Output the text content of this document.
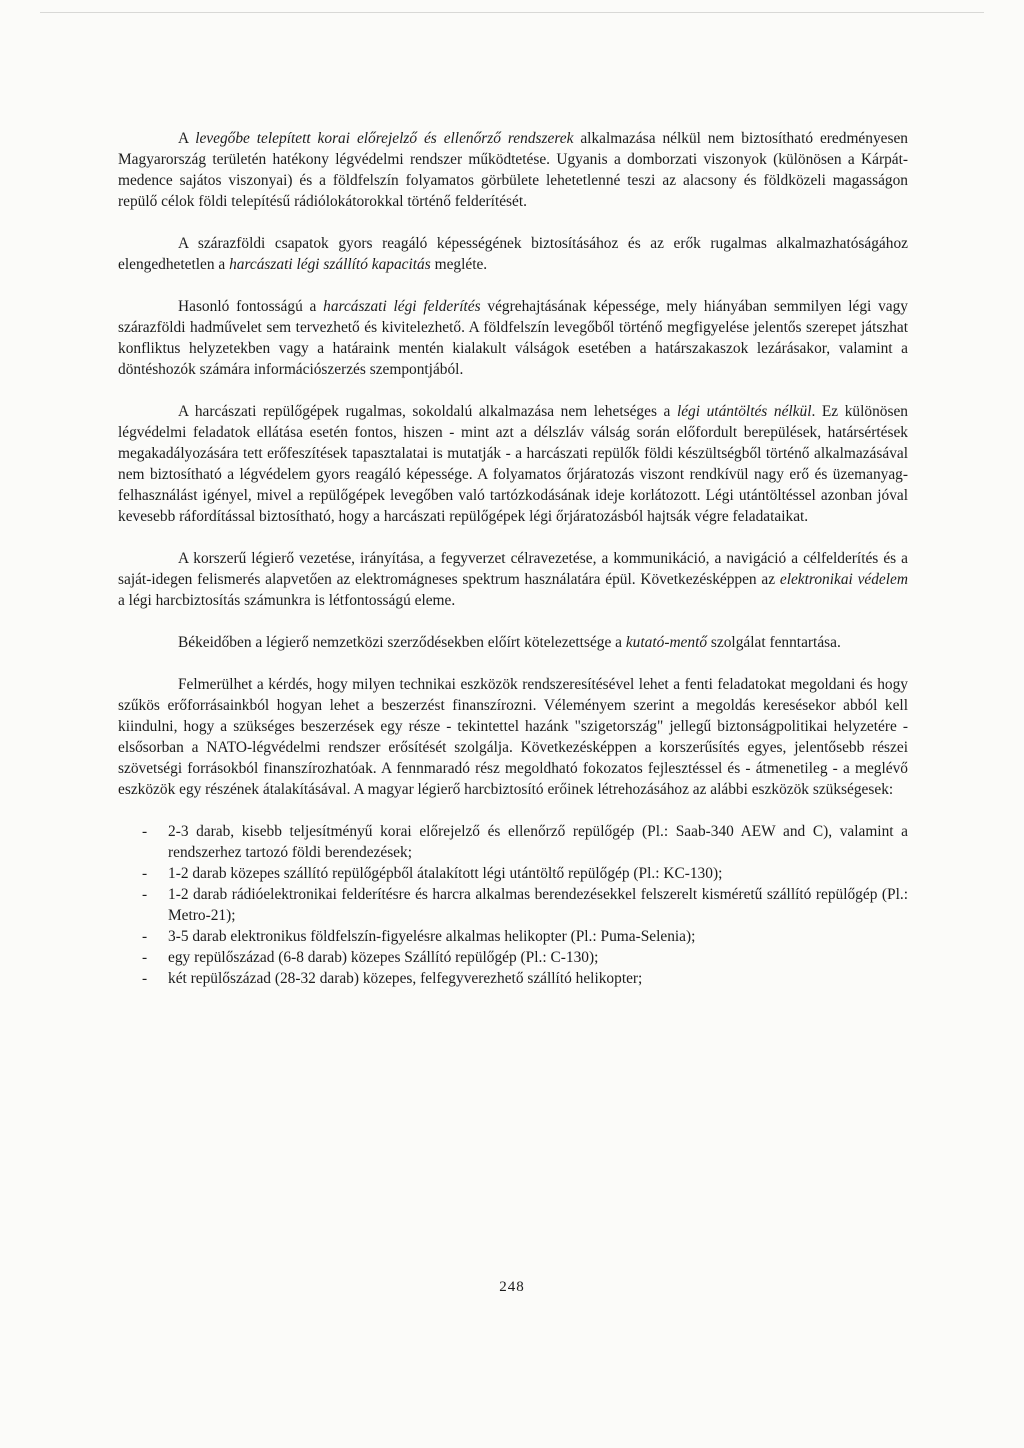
A levegőbe telepített korai előrejelző és ellenőrző rendszerek alkalmazása nélkül nem biztosítható eredményesen Magyarország területén hatékony légvédelmi rendszer működtetése. Ugyanis a domborzati viszonyok (különösen a Kárpát-medence sajátos viszonyai) és a földfelszín folyamatos görbülete lehetetlenné teszi az alacsony és földközeli magasságon repülő célok földi telepítésű rádiólokátorokkal történő felderítését.

A szárazföldi csapatok gyors reagáló képességének biztosításához és az erők rugalmas alkalmazhatóságához elengedhetetlen a harcászati légi szállító kapacitás megléte.

Hasonló fontosságú a harcászati légi felderítés végrehajtásának képessége, mely hiányában semmilyen légi vagy szárazföldi hadművelet sem tervezhető és kivitelezhető. A földfelszín levegőből történő megfigyelése jelentős szerepet játszhat konfliktus helyzetekben vagy a határaink mentén kialakult válságok esetében a határszakaszok lezárásakor, valamint a döntéshozók számára információszerzés szempontjából.

A harcászati repülőgépek rugalmas, sokoldalú alkalmazása nem lehetséges a légi utántöltés nélkül. Ez különösen légvédelmi feladatok ellátása esetén fontos, hiszen - mint azt a délszláv válság során előfordult berepülések, határsértések megakadályozására tett erőfeszítések tapasztalatai is mutatják - a harcászati repülők földi készültségből történő alkalmazásával nem biztosítható a légvédelem gyors reagáló képessége. A folyamatos őrjáratozás viszont rendkívül nagy erő és üzemanyag-felhasználást igényel, mivel a repülőgépek levegőben való tartózkodásának ideje korlátozott. Légi utántöltéssel azonban jóval kevesebb ráfordítással biztosítható, hogy a harcászati repülőgépek légi őrjáratozásból hajtsák végre feladataikat.

A korszerű légierő vezetése, irányítása, a fegyverzet célravezetése, a kommunikáció, a navigáció a célfelderítés és a saját-idegen felismerés alapvetően az elektromágneses spektrum használatára épül. Következésképpen az elektronikai védelem a légi harcbiztosítás számunkra is létfontosságú eleme.

Békeidőben a légierő nemzetközi szerződésekben előírt kötelezettsége a kutató-mentő szolgálat fenntartása.

Felmerülhet a kérdés, hogy milyen technikai eszközök rendszeresítésével lehet a fenti feladatokat megoldani és hogy szűkös erőforrásainkból hogyan lehet a beszerzést finanszírozni. Véleményem szerint a megoldás keresésekor abból kell kiindulni, hogy a szükséges beszerzések egy része - tekintettel hazánk "szigetország" jellegű biztonságpolitikai helyzetére - elsősorban a NATO-légvédelmi rendszer erősítését szolgálja. Következésképpen a korszerűsítés egyes, jelentősebb részei szövetségi forrásokból finanszírozhatóak. A fennmaradó rész megoldható fokozatos fejlesztéssel és - átmenetileg - a meglévő eszközök egy részének átalakításával. A magyar légierő harcbiztosító erőinek létrehozásához az alábbi eszközök szükségesek:

- 2-3 darab, kisebb teljesítményű korai előrejelző és ellenőrző repülőgép (Pl.: Saab-340 AEW and C), valamint a rendszerhez tartozó földi berendezések;
- 1-2 darab közepes szállító repülőgépből átalakított légi utántöltő repülőgép (Pl.: KC-130);
- 1-2 darab rádióelektronikai felderítésre és harcra alkalmas berendezésekkel felszerelt kisméretű szállító repülőgép (Pl.: Metro-21);
- 3-5 darab elektronikus földfelszín-figyelésre alkalmas helikopter (Pl.: Puma-Selenia);
- egy repülőszázad (6-8 darab) közepes Szállító repülőgép (Pl.: C-130);
- két repülőszázad (28-32 darab) közepes, felfegyverezhető szállító helikopter;
248
